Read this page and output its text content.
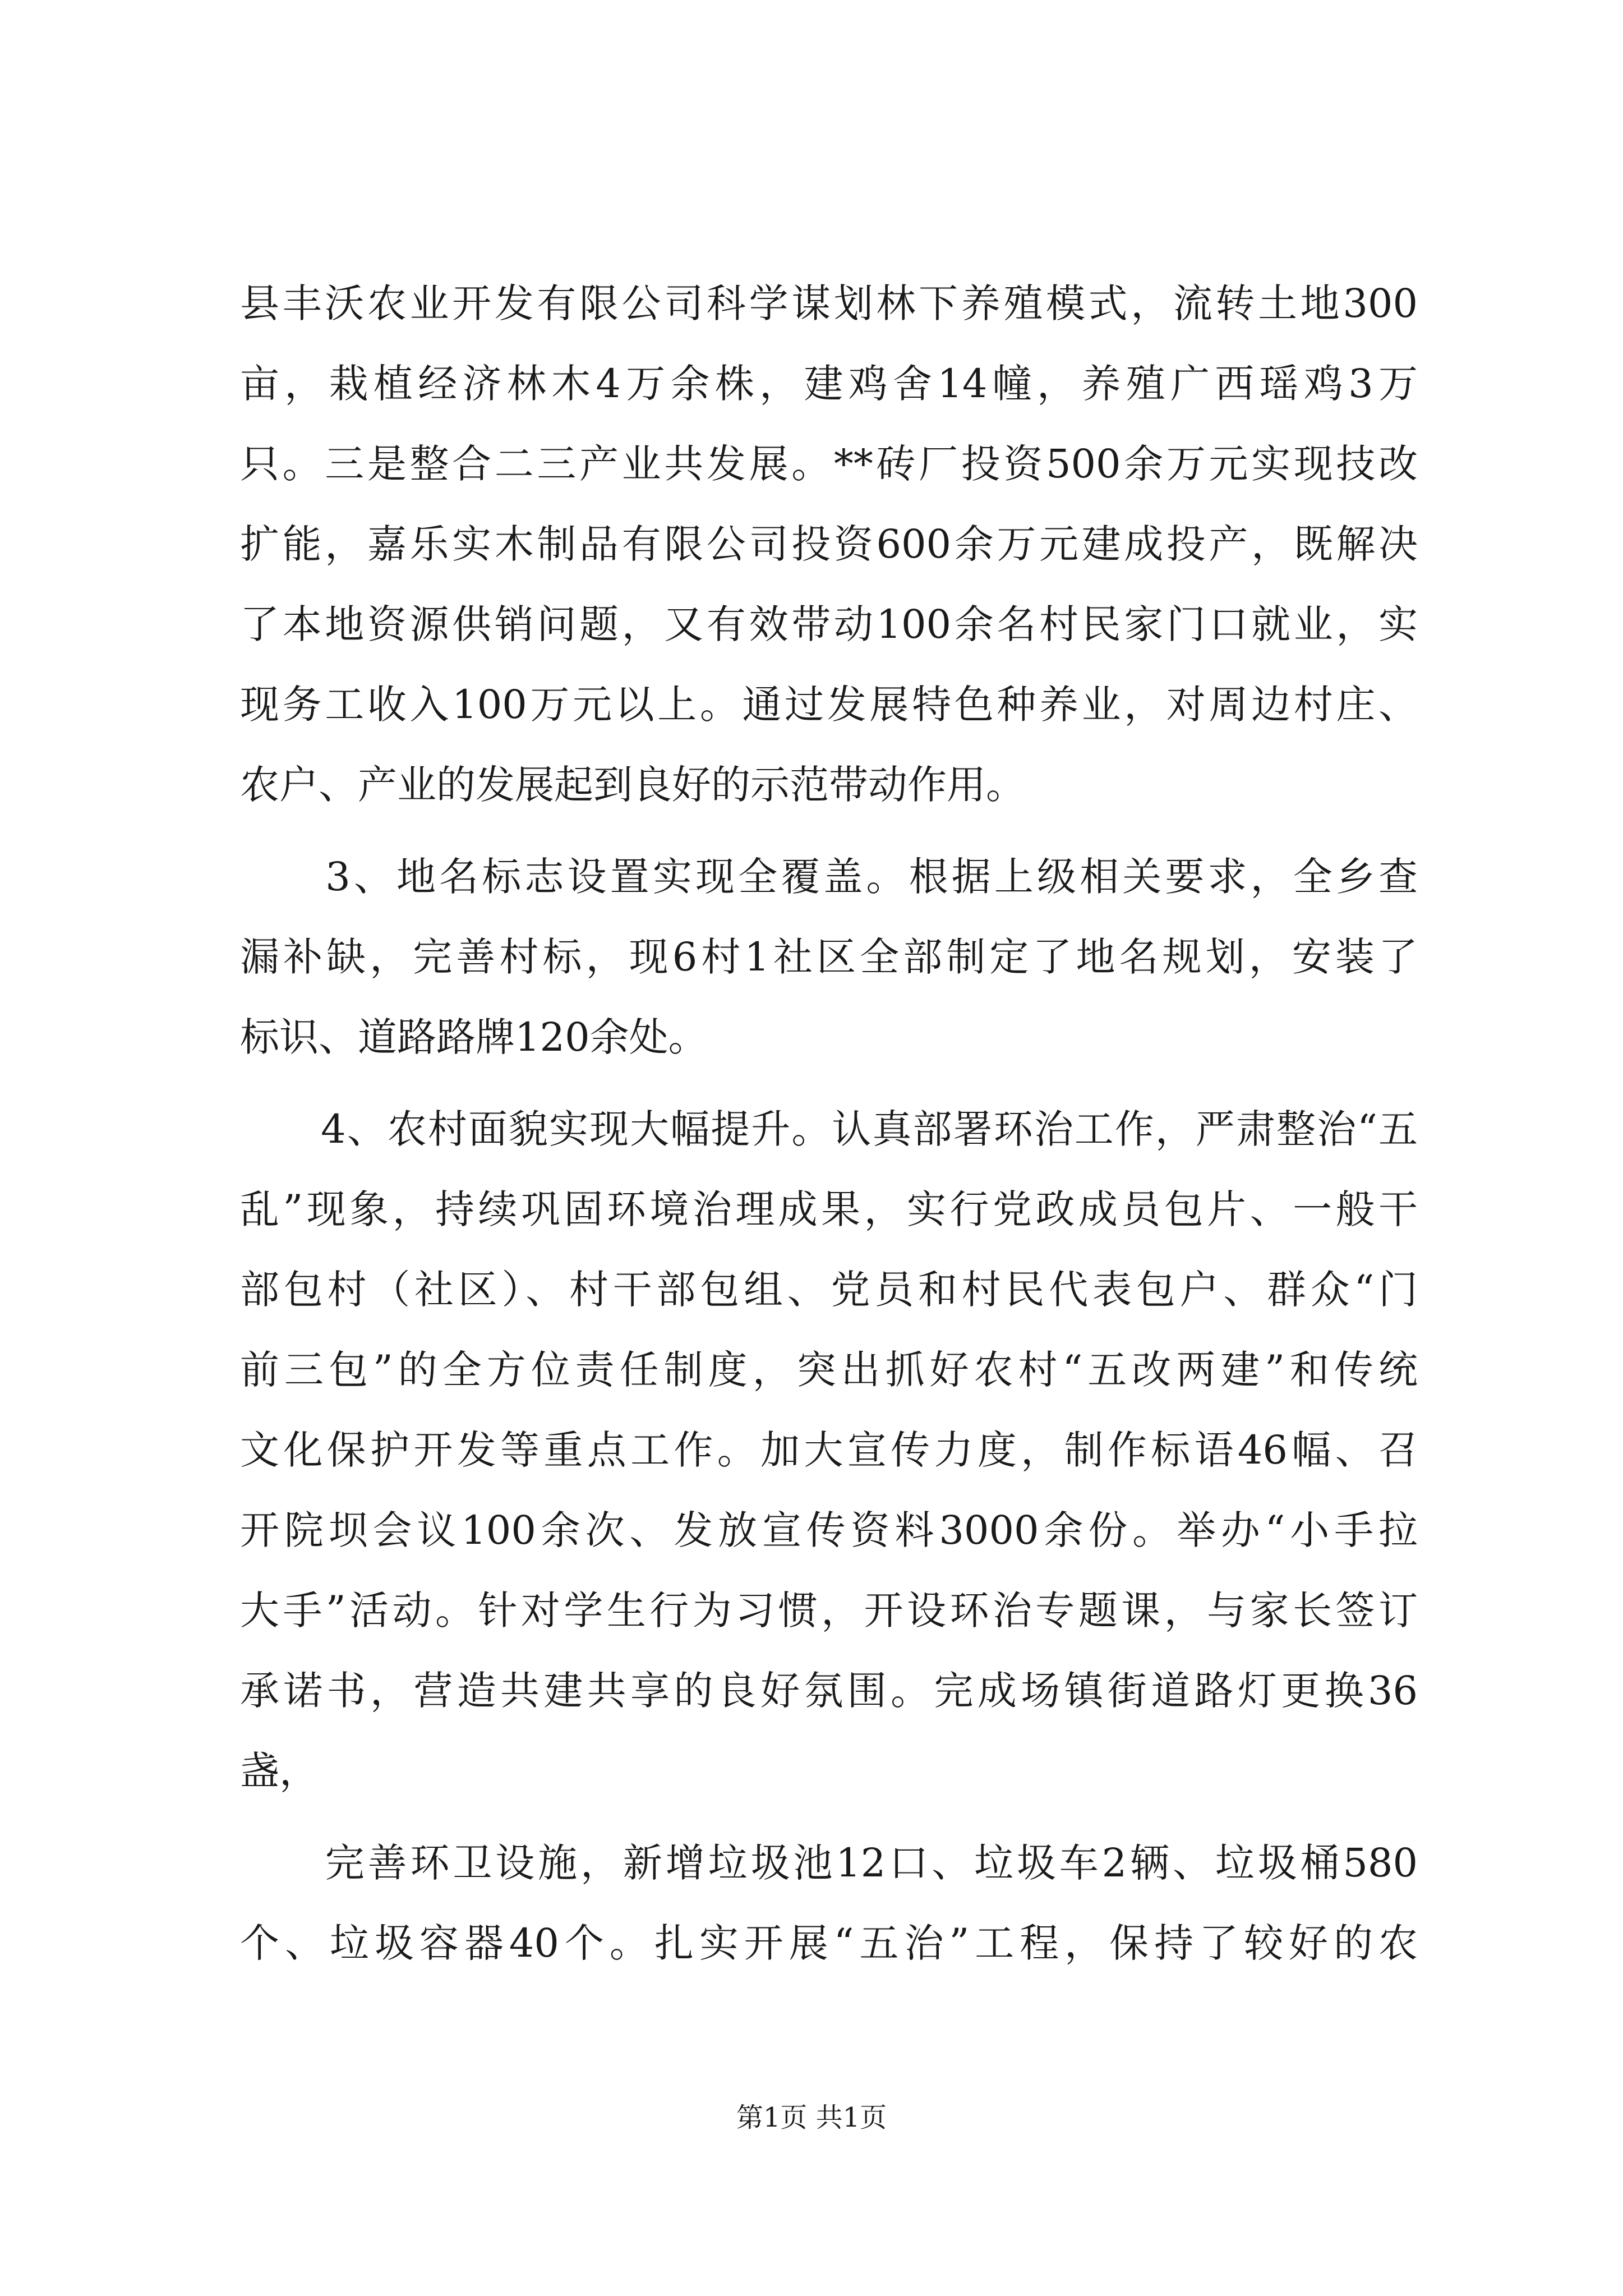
县丰沃农业开发有限公司科学谋划林下养殖模式，流转土地300
亩，栽植经济林木4万余株，建鸡舍14幢，养殖广西瑶鸡3万
只。三是整合二三产业共发展。**砖厂投资500余万元实现技改
扩能，嘉乐实木制品有限公司投资600余万元建成投产，既解决
了本地资源供销问题，又有效带动100余名村民家门口就业，实
现务工收入100万元以上。通过发展特色种养业，对周边村庄、
农户、产业的发展起到良好的示范带动作用。
　　3、地名标志设置实现全覆盖。根据上级相关要求，全乡查
漏补缺，完善村标，现6村1社区全部制定了地名规划，安装了
标识、道路路牌120余处。
　　4、农村面貌实现大幅提升。认真部署环治工作，严肃整治“五
乱”现象，持续巩固环境治理成果，实行党政成员包片、一般干
部包村（社区）、村干部包组、党员和村民代表包户、群众“门
前三包”的全方位责任制度，突出抓好农村“五改两建”和传统
文化保护开发等重点工作。加大宣传力度，制作标语46幅、召
开院坝会议100余次、发放宣传资料3000余份。举办“小手拉
大手”活动。针对学生行为习惯，开设环治专题课，与家长签订
承诺书，营造共建共享的良好氛围。完成场镇街道路灯更换36
盏，
　　完善环卫设施，新增垃圾池12口、垃圾车2辆、垃圾桶580
个、垃圾容器40个。扎实开展“五治”工程，保持了较好的农
第1页 共1页
